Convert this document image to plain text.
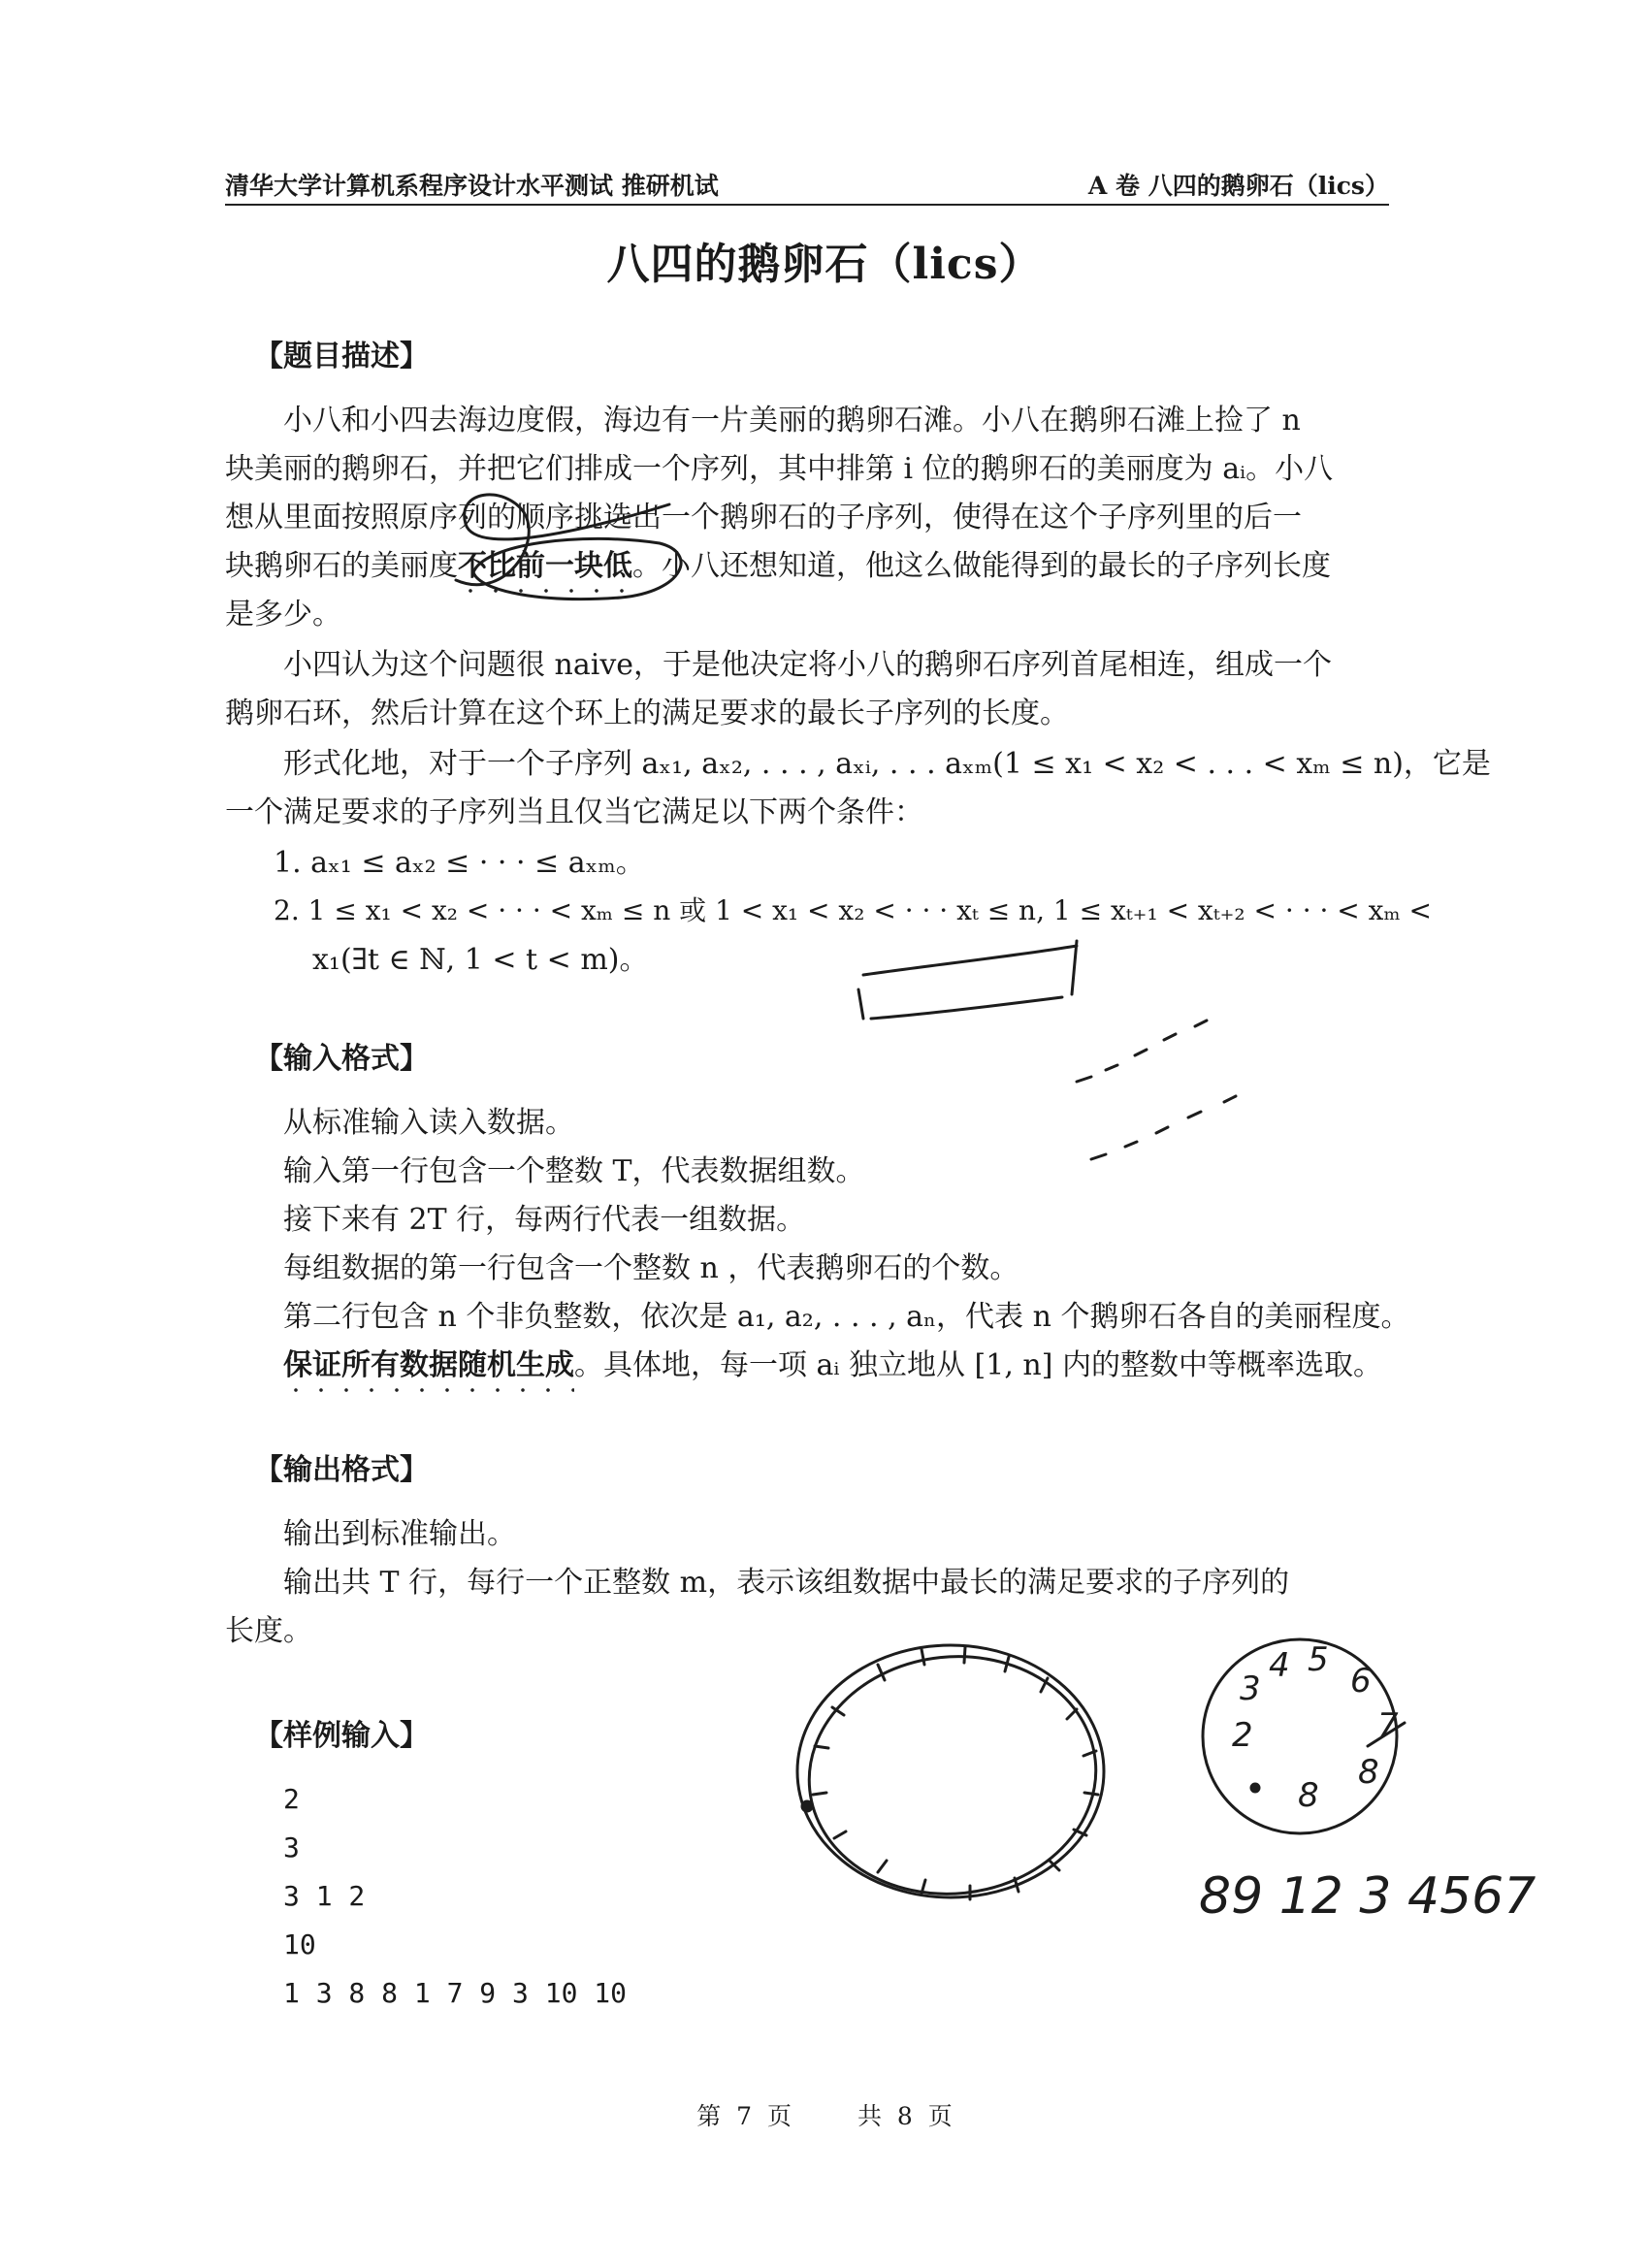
清华大学计算机系程序设计水平测试 推研机试	A 卷 八四的鹅卵石（lics）
八四的鹅卵石（lics）
【题目描述】
小八和小四去海边度假，海边有一片美丽的鹅卵石滩。小八在鹅卵石滩上捡了 n
块美丽的鹅卵石，并把它们排成一个序列，其中排第 i 位的鹅卵石的美丽度为 aᵢ。小八
想从里面按照原序列的顺序挑选出一个鹅卵石的子序列，使得在这个子序列里的后一
块鹅卵石的美丽度不比前一块低。小八还想知道，他这么做能得到的最长的子序列长度
是多少。
小四认为这个问题很 naive，于是他决定将小八的鹅卵石序列首尾相连，组成一个
鹅卵石环，然后计算在这个环上的满足要求的最长子序列的长度。
形式化地，对于一个子序列 aₓ₁, aₓ₂, . . . , aₓᵢ, . . . aₓₘ(1 ≤ x₁ < x₂ < . . . < xₘ ≤ n)，它是
一个满足要求的子序列当且仅当它满足以下两个条件：
1. aₓ₁ ≤ aₓ₂ ≤ · · · ≤ aₓₘ。
2. 1 ≤ x₁ < x₂ < · · · < xₘ ≤ n 或 1 < x₁ < x₂ < · · · xₜ ≤ n, 1 ≤ xₜ₊₁ < xₜ₊₂ < · · · < xₘ <
x₁(∃t ∈ ℕ, 1 < t < m)。
【输入格式】
从标准输入读入数据。
输入第一行包含一个整数 T，代表数据组数。
接下来有 2T 行，每两行代表一组数据。
每组数据的第一行包含一个整数 n ，代表鹅卵石的个数。
第二行包含 n 个非负整数，依次是 a₁, a₂, . . . , aₙ，代表 n 个鹅卵石各自的美丽程度。
保证所有数据随机生成。具体地，每一项 aᵢ 独立地从 [1, n] 内的整数中等概率选取。
【输出格式】
输出到标准输出。
输出共 T 行，每行一个正整数 m，表示该组数据中最长的满足要求的子序列的
长度。
【样例输入】
2
3
3 1 2
10
1 3 8 8 1 7 9 3 10 10
第 7 页	共 8 页
3
4 5
6
7
8
8
2
89 12 3 4567
